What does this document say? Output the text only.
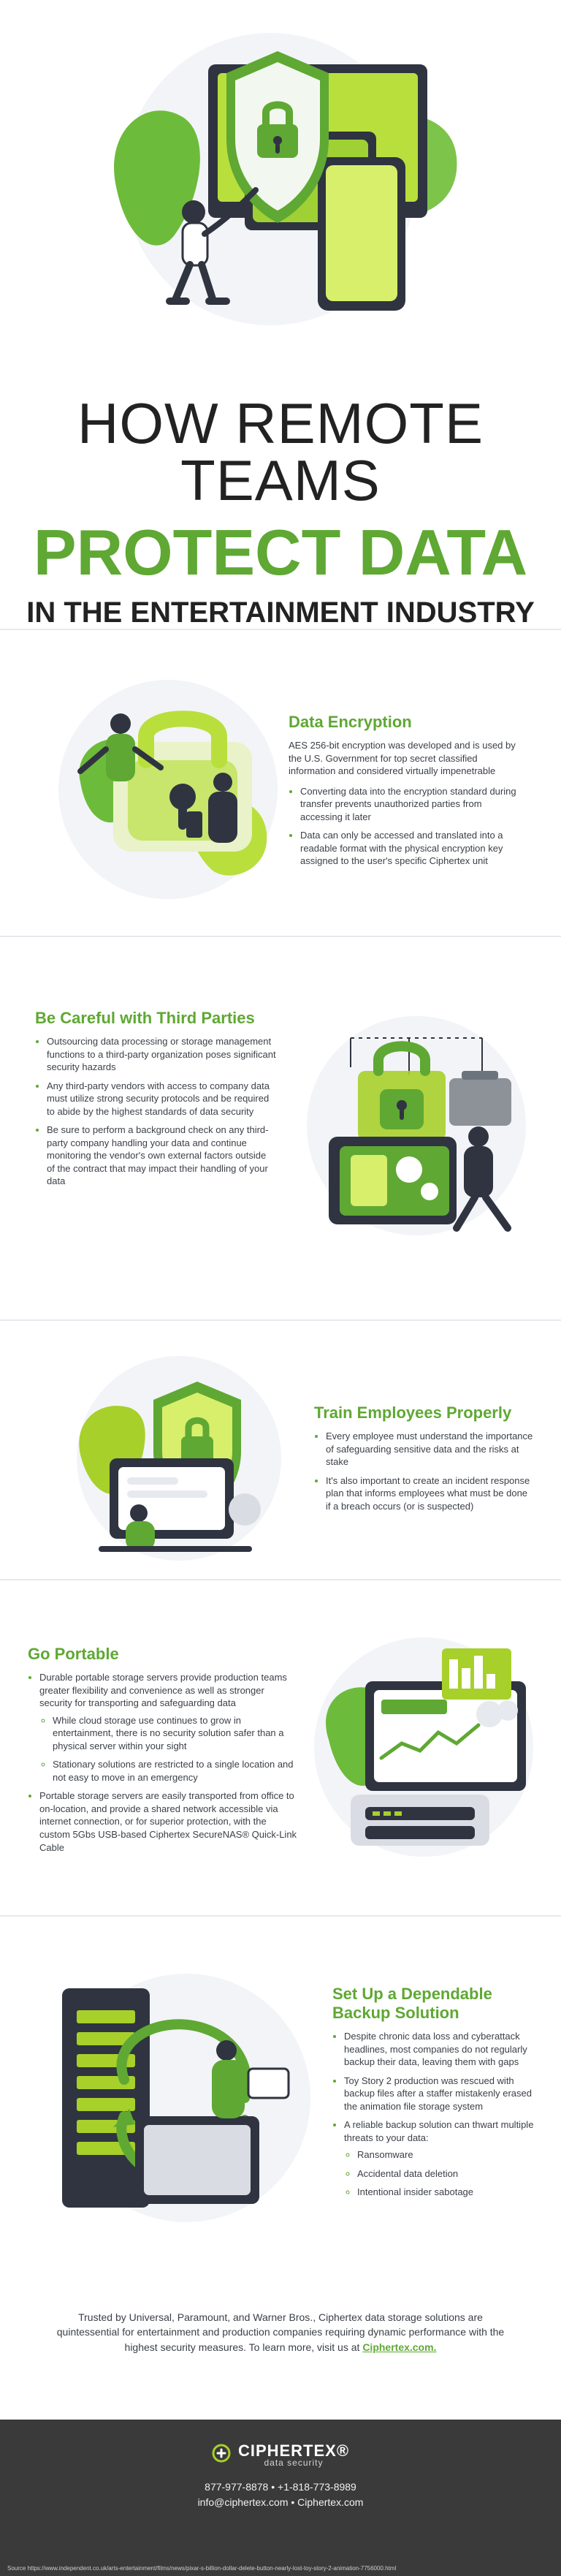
HOW REMOTE TEAMS
PROTECT DATA
IN THE ENTERTAINMENT INDUSTRY
Data Encryption

AES 256-bit encryption was developed and is used by the U.S. Government for top secret classified information and considered virtually impenetrable

• Converting data into the encryption standard during transfer prevents unauthorized parties from accessing it later
• Data can only be accessed and translated into a readable format with the physical encryption key assigned to the user's specific Ciphertex unit
Be Careful with Third Parties
• Outsourcing data processing or storage management functions to a third-party organization poses significant security hazards
• Any third-party vendors with access to company data must utilize strong security protocols and be required to abide by the highest standards of data security
• Be sure to perform a background check on any third-party company handling your data and continue monitoring the vendor's own external factors outside of the contract that may impact their handling of your data
Train Employees Properly
• Every employee must understand the importance of safeguarding sensitive data and the risks at stake
• It's also important to create an incident response plan that informs employees what must be done if a breach occurs (or is suspected)
Go Portable
• Durable portable storage servers provide production teams greater flexibility and convenience as well as stronger security for transporting and safeguarding data
◦ While cloud storage use continues to grow in entertainment, there is no security solution safer than a physical server within your sight
◦ Stationary solutions are restricted to a single location and not easy to move in an emergency
• Portable storage servers are easily transported from office to on-location, and provide a shared network accessible via internet connection, or for superior protection, with the custom 5Gbs USB-based Ciphertex SecureNAS® Quick-Link Cable
Set Up a Dependable Backup Solution
• Despite chronic data loss and cyberattack headlines, most companies do not regularly backup their data, leaving them with gaps
• Toy Story 2 production was rescued with backup files after a staffer mistakenly erased the animation file storage system
• A reliable backup solution can thwart multiple threats to your data:
◦ Ransomware
◦ Accidental data deletion
◦ Intentional insider sabotage

Trusted by Universal, Paramount, and Warner Bros., Ciphertex data storage solutions are quintessential for entertainment and production companies requiring dynamic performance with the highest security measures. To learn more, visit us at Ciphertex.com.

CIPHERTEX®
data security
877-977-8878 • +1-818-773-8989
info@ciphertex.com • Ciphertex.com
Source https://www.independent.co.uk/arts-entertainment/films/news/pixar-s-billion-dollar-delete-button-nearly-lost-toy-story-2-animation-7756000.html
